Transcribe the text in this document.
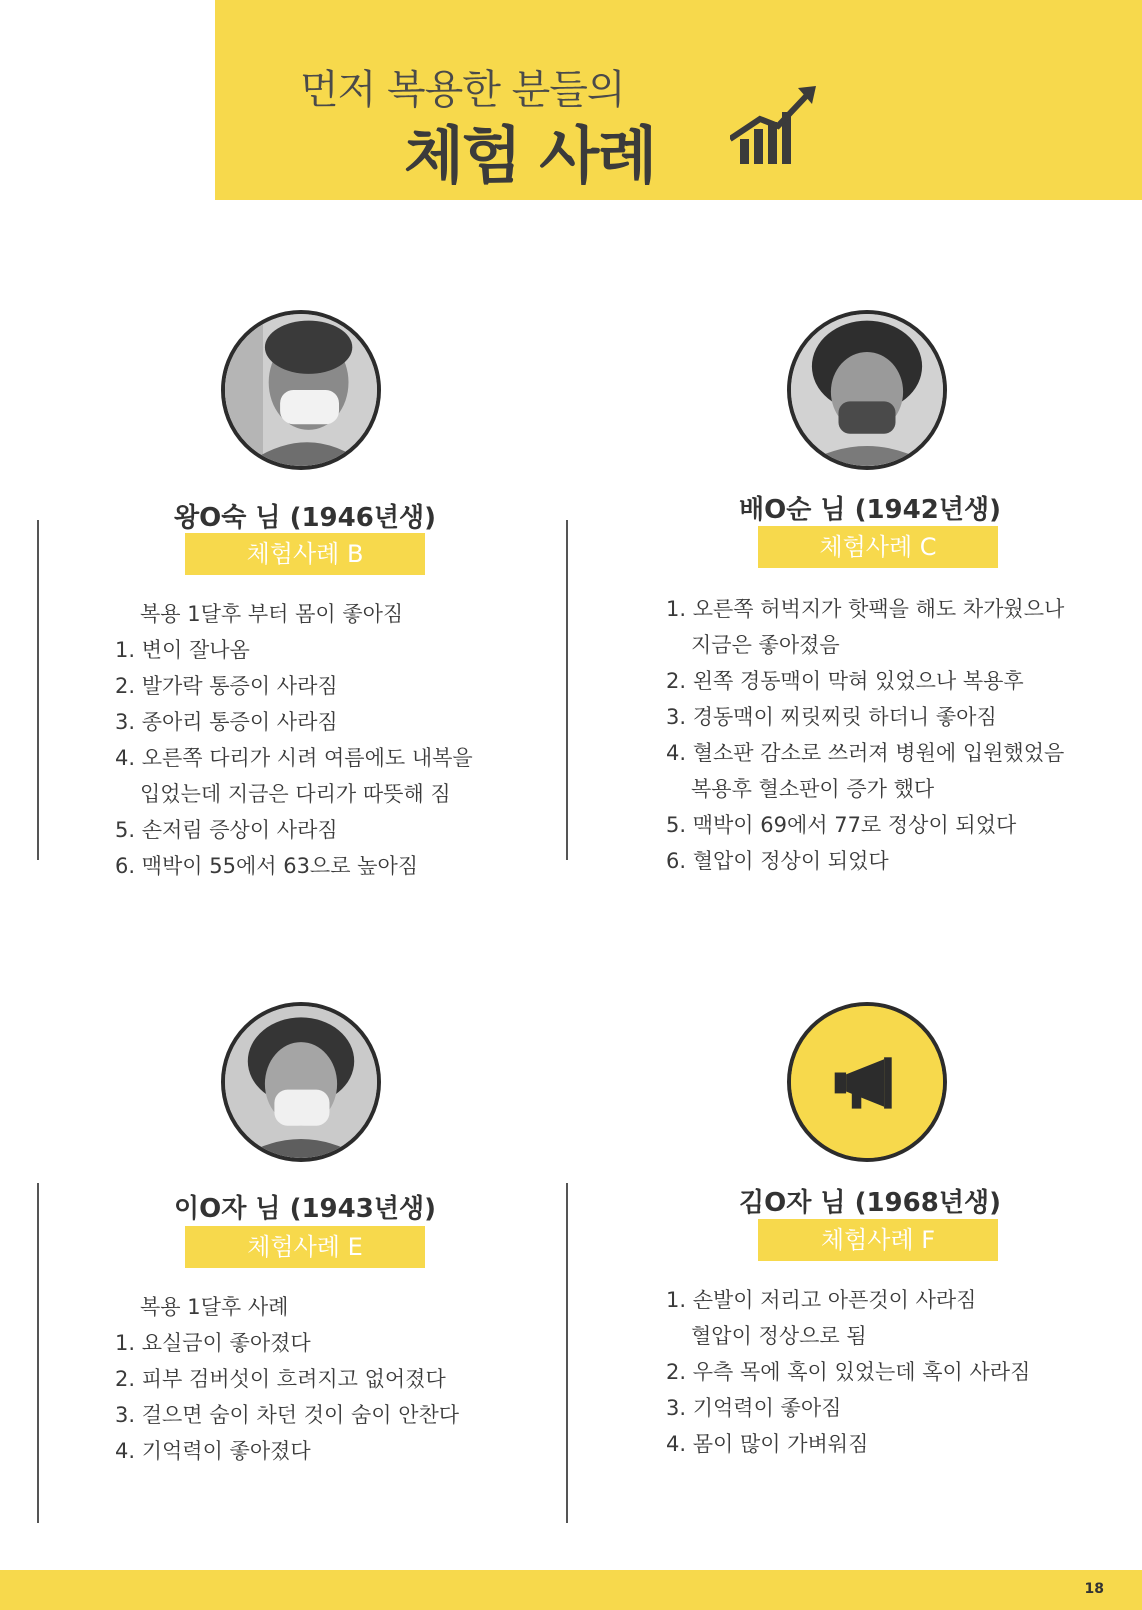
먼저 복용한 분들의
체험 사례
왕O숙 님 (1946년생)
체험사례 B
복용 1달후 부터 몸이 좋아짐
1. 변이 잘나옴
2. 발가락 통증이 사라짐
3. 종아리 통증이 사라짐
4. 오른쪽 다리가 시려 여름에도 내복을
입었는데 지금은 다리가 따뜻해 짐
5. 손저림 증상이 사라짐
6. 맥박이 55에서 63으로 높아짐
배O순 님 (1942년생)
체험사례 C
1. 오른쪽 허벅지가 핫팩을 해도 차가웠으나
지금은 좋아졌음
2. 왼쪽 경동맥이 막혀 있었으나 복용후
3. 경동맥이 찌릿찌릿 하더니 좋아짐
4. 혈소판 감소로 쓰러져 병원에 입원했었음
복용후 혈소판이 증가 했다
5. 맥박이 69에서 77로 정상이 되었다
6. 혈압이 정상이 되었다
이O자 님 (1943년생)
체험사례 E
복용 1달후 사례
1. 요실금이 좋아졌다
2. 피부 검버섯이 흐려지고 없어졌다
3. 걸으면 숨이 차던 것이 숨이 안찬다
4. 기억력이 좋아졌다
김O자 님 (1968년생)
체험사례 F
1. 손발이 저리고 아픈것이 사라짐
혈압이 정상으로 됨
2. 우측 목에 혹이 있었는데 혹이 사라짐
3. 기억력이 좋아짐
4. 몸이 많이 가벼워짐
18
